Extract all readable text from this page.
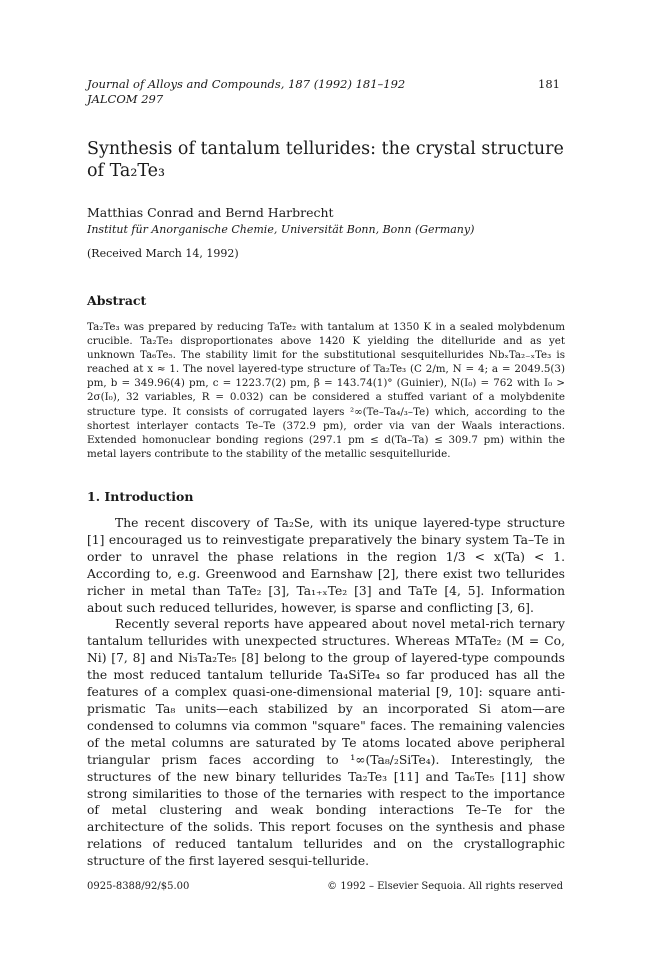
Journal of Alloys and Compounds, 187 (1992) 181–192
JALCOM 297
181
Synthesis of tantalum tellurides: the crystal structure of Ta₂Te₃
Matthias Conrad and Bernd Harbrecht
Institut für Anorganische Chemie, Universität Bonn, Bonn (Germany)
(Received March 14, 1992)
Abstract
Ta₂Te₃ was prepared by reducing TaTe₂ with tantalum at 1350 K in a sealed molybdenum crucible. Ta₂Te₃ disproportionates above 1420 K yielding the ditelluride and as yet unknown Ta₆Te₅. The stability limit for the substitutional sesquitellurides NbₓTa₂₋ₓTe₃ is reached at x ≈ 1. The novel layered-type structure of Ta₂Te₃ (C 2/m, N = 4; a = 2049.5(3) pm, b = 349.96(4) pm, c = 1223.7(2) pm, β = 143.74(1)° (Guinier), N(I₀) = 762 with I₀ > 2σ(I₀), 32 variables, R = 0.032) can be considered a stuffed variant of a molybdenite structure type. It consists of corrugated layers ²∞(Te–Ta₄/₃–Te) which, according to the shortest interlayer contacts Te–Te (372.9 pm), order via van der Waals interactions. Extended homonuclear bonding regions (297.1 pm ≤ d(Ta–Ta) ≤ 309.7 pm) within the metal layers contribute to the stability of the metallic sesquitelluride.
1. Introduction

The recent discovery of Ta₂Se, with its unique layered-type structure [1] encouraged us to reinvestigate preparatively the binary system Ta–Te in order to unravel the phase relations in the region 1/3 < x(Ta) < 1. According to, e.g. Greenwood and Earnshaw [2], there exist two tellurides richer in metal than TaTe₂ [3], Ta₁₊ₓTe₂ [3] and TaTe [4, 5]. Information about such reduced tellurides, however, is sparse and conflicting [3, 6].

Recently several reports have appeared about novel metal-rich ternary tantalum tellurides with unexpected structures. Whereas MTaTe₂ (M = Co, Ni) [7, 8] and Ni₃Ta₂Te₅ [8] belong to the group of layered-type compounds the most reduced tantalum telluride Ta₄SiTe₄ so far produced has all the features of a complex quasi-one-dimensional material [9, 10]: square anti-prismatic Ta₈ units—each stabilized by an incorporated Si atom—are condensed to columns via common "square" faces. The remaining valencies of the metal columns are saturated by Te atoms located above peripheral triangular prism faces according to ¹∞(Ta₈/₂SiTe₄). Interestingly, the structures of the new binary tellurides Ta₂Te₃ [11] and Ta₆Te₅ [11] show strong similarities to those of the ternaries with respect to the importance of metal clustering and weak bonding interactions Te–Te for the architecture of the solids. This report focuses on the synthesis and phase relations of reduced tantalum tellurides and on the crystallographic structure of the first layered sesqui-telluride.

0925-8388/92/$5.00	© 1992 – Elsevier Sequoia. All rights reserved
